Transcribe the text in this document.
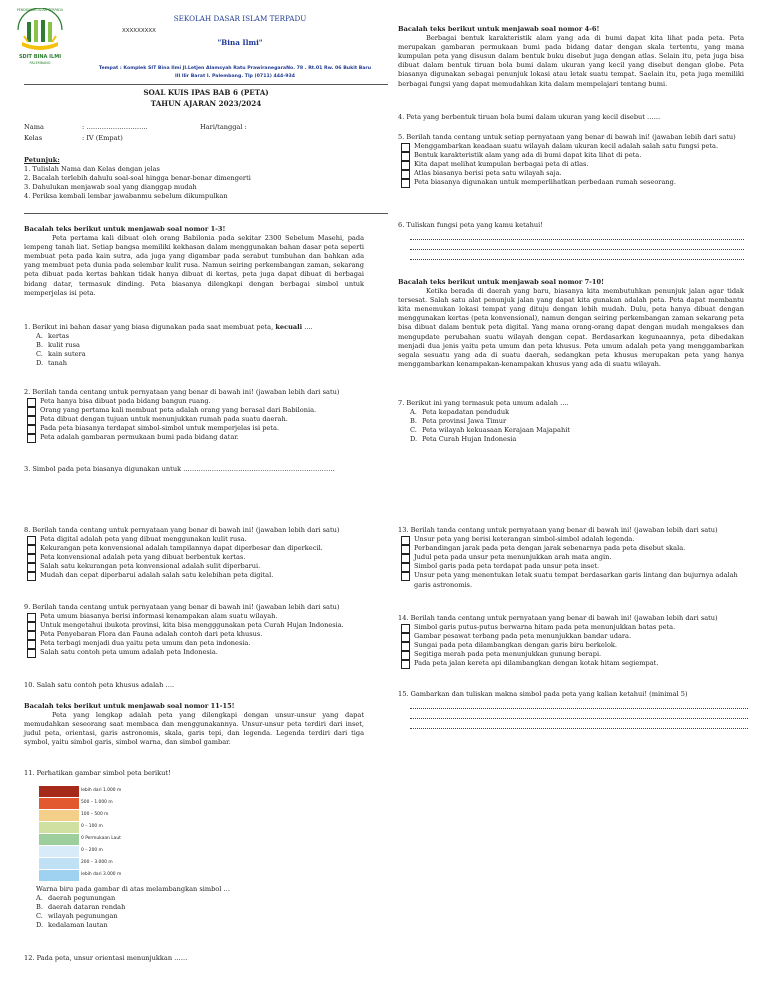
PENDIDIKAN ISLAM TERPADU
SDIT BINA ILMI
PALEMBANG
XXXXXXXXX
SEKOLAH DASAR ISLAM TERPADU
"Bina Ilmi"
Tempat : Komplek SIT Bina Ilmi Jl.Letjen Alamsyah Ratu PrawiranegaraNo. 78 . Rt.01 Rw. 06 Bukit Baru
III Ilir Barat I. Palembang. Tlp (0711) 444-934
SOAL KUIS IPAS BAB 6 (PETA)
TAHUN AJARAN 2023/2024
Nama	: ……………………….	Hari/tanggal :
Kelas	: IV (Empat)

Petunjuk:

1. Tulislah Nama dan Kelas dengan jelas

2. Bacalah terlebih dahulu soal-soal hingga benar-benar dimengerti

3. Dahulukan menjawab soal yang dianggap mudah

4. Periksa kembali lembar jawabanmu sebelum dikumpulkan

Bacalah teks berikut untuk menjawab soal nomor 1-3!

Peta pertama kali dibuat oleh orang Babilonia pada sekitar 2300 Sebelum Masehi, pada lempeng tanah liat. Setiap bangsa memiliki kekhasan dalam menggunakan bahan dasar peta seperti membuat peta pada kain sutra, ada juga yang digambar pada serabut tumbuhan dan bahkan ada yang membuat peta dunia pada selembar kulit rusa. Namun seiring perkembangan zaman, sekarang peta dibuat pada kertas bahkan tidak hanya dibuat di kertas, peta juga dapat dibuat di berbagai bidang datar, termasuk dinding. Peta biasanya dilengkapi dengan berbagai simbol untuk memperjelas isi peta.

1. Berikut ini bahan dasar yang biasa digunakan pada saat membuat peta, kecuali ....

A. kertas
B. kulit rusa
C. kain sutera
D. tanah

2. Berilah tanda centang untuk pernyataan yang benar di bawah ini! (jawaban lebih dari satu)

Peta hanya bisa dibuat pada bidang bangun ruang.
Orang yang pertama kali membuat peta adalah orang yang berasal dari Babilonia.
Peta dibuat dengan tujuan untuk menunjukkan rumah pada suatu daerah.
Pada peta biasanya terdapat simbol-simbol untuk memperjelas isi peta.
Peta adalah gambaran permukaan bumi pada bidang datar.

3. Simbol pada peta biasanya digunakan untuk ……………………………………………………………

Bacalah teks berikut untuk menjawab soal nomor 4-6!

Berbagai bentuk karakteristik alam yang ada di bumi dapat kita lihat pada peta. Peta merupakan gambaran permukaan bumi pada bidang datar dengan skala tertentu, yang mana kumpulan peta yang disusun dalam bentuk buku disebut juga dengan atlas. Selain itu, peta juga bisa dibuat dalam bentuk tiruan bola bumi dalam ukuran yang kecil yang disebut dengan globe. Peta biasanya digunakan sebagai penunjuk lokasi atau letak suatu tempat. Saelain itu, peta juga memiliki berbagai fungsi yang dapat memudahkan kita dalam mempelajari tentang bumi.

4. Peta yang berbentuk tiruan bola bumi dalam ukuran yang kecil disebut ……

5. Berilah tanda centang untuk setiap pernyataan yang benar di bawah ini! (jawaban lebih dari satu)

Menggambarkan keadaan suatu wilayah dalam ukuran kecil adalah salah satu fungsi peta.
Bentuk karakteristik alam yang ada di bumi dapat kita lihat di peta.
Kita dapat melihat kumpulan berbagai peta di atlas.
Atlas biasanya berisi peta satu wilayah saja.
Peta biasanya digunakan untuk memperlihatkan perbedaan rumah seseorang.

6. Tuliskan fungsi peta yang kamu ketahui!

Bacalah teks berikut untuk menjawab soal nomor 7-10!

Ketika berada di daerah yang baru, biasanya kita membutuhkan penunjuk jalan agar tidak tersesat. Salah satu alat penunjuk jalan yang dapat kita gunakan adalah peta. Peta dapat membantu kita menemukan lokasi tempat yang dituju dengan lebih mudah. Dulu, peta hanya dibuat dengan menggunakan kertas (peta konvensional), namun dengan seiring perkembangan zaman sekarang peta bisa dibuat dalam bentuk peta digital. Yang mana orang-orang dapat dengan mudah mengakses dan mengupdate perubahan suatu wilayah dengan cepat. Berdasarkan kegunaannya, peta dibedakan menjadi dua jenis yaitu peta umum dan peta khusus. Peta umum adalah peta yang menggambarkan segala sesuatu yang ada di suatu daerah, sedangkan peta khusus merupakan peta yang hanya menggambarkan kenampakan-kenampakan khusus yang ada di suatu wilayah.

7. Berikut ini yang termasuk peta umum adalah ....

A. Peta kepadatan penduduk
B. Peta provinsi Jawa Timur
C. Peta wilayah kekuasaan Kerajaan Majapahit
D. Peta Curah Hujan Indonesia

8. Berilah tanda centang untuk pernyataan yang benar di bawah ini! (jawaban lebih dari satu)

Peta digital adalah peta yang dibuat menggunakan kulit rusa.
Kekurangan peta konvensional adalah tampilannya dapat diperbesar dan diperkecil.
Peta konvensional adalah peta yang dibuat berbentuk kertas.
Salah satu kekurangan peta konvensional adalah sulit diperbarui.
Mudah dan cepat diperbarui adalah salah satu kelebihan peta digital.

9. Berilah tanda centang untuk pernyataan yang benar di bawah ini! (jawaban lebih dari satu)

Peta umum biasanya berisi informasi kenampakan alam suatu wilayah.
Untuk mengetahui ibukota provinsi, kita bisa mengggunakan peta Curah Hujan Indonesia.
Peta Penyebaran Flora dan Fauna adalah contoh dari peta khusus.
Peta terbagi menjadi dua yaitu peta umum dan peta indonesia.
Salah satu contoh peta umum adalah peta Indonesia.

10. Salah satu contoh peta khusus adalah ….

Bacalah teks berikut untuk menjawab soal nomor 11-15!

Peta yang lengkap adalah peta yang dilengkapi dengan unsur-unsur yang dapat memudahkan seseorang saat membaca dan menggunakannya. Unsur-unsur peta terdiri dari inset, judul peta, orientasi, garis astronomis, skala, garis tepi, dan legenda. Legenda terdiri dari tiga symbol, yaitu simbol garis, simbol warna, dan simbol gambar.

11. Perhatikan gambar simbol peta berikut!

lebih dari 1.000 m
500 – 1.000 m
100 – 500 m
0 – 100 m
0 Permukaan Laut
0 – 200 m
200 – 3.000 m
lebih dari 3.000 m

Warna biru pada gambar di atas melambangkan simbol …

A. daerah pegunungan
B. daerah dataran rendah
C. wilayah pegunungan
D. kedalaman lautan

12. Pada peta, unsur orientasi menunjukkan ……

13. Berilah tanda centang untuk pernyataan yang benar di bawah ini! (jawaban lebih dari satu)

Unsur peta yang berisi keterangan simbol-simbol adalah legenda.
Perbandingan jarak pada peta dengan jarak sebenarnya pada peta disebut skala.
Judul peta pada unsur peta menunjukkan arah mata angin.
Simbol garis pada peta terdapat pada unsur peta inset.
Unsur peta yang menentukan letak suatu tempat berdasarkan garis lintang dan bujurnya adalah garis astronomis.

14. Berilah tanda centang untuk pernyataan yang benar di bawah ini! (jawaban lebih dari satu)

Simbol garis putus-putus berwarna hitam pada peta menunjukkan batas peta.
Gambar pesawat terbang pada peta menunjukkan bandar udara.
Sungai pada peta dilambangkan dengan garis biru berkelok.
Segitiga merah pada peta menunjukkan gunung berapi.
Pada peta jalan kereta api dilambangkan dengan kotak hitam segiempat.

15. Gambarkan dan tuliskan makna simbol pada peta yang kalian ketahui! (minimal 5)
